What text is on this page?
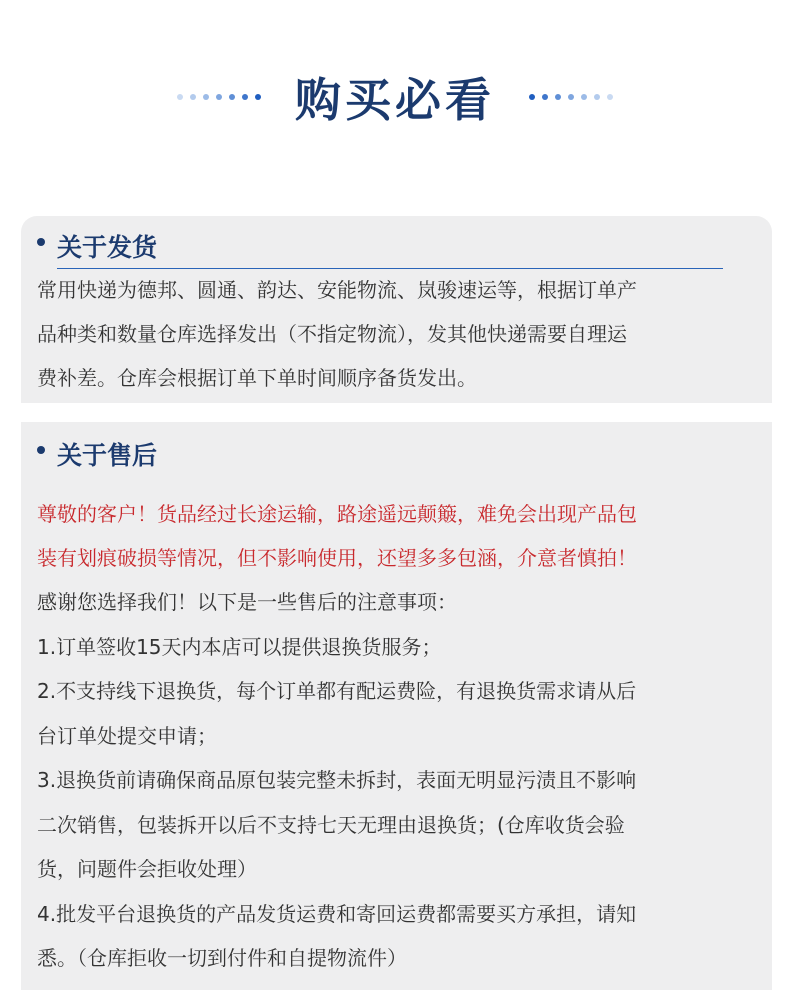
购买必看
关于发货
常用快递为德邦、圆通、韵达、安能物流、岚骏速运等，根据订单产
品种类和数量仓库选择发出（不指定物流），发其他快递需要自理运
费补差。仓库会根据订单下单时间顺序备货发出。
关于售后
尊敬的客户！货品经过长途运输，路途遥远颠簸，难免会出现产品包
装有划痕破损等情况，但不影响使用，还望多多包涵，介意者慎拍！
感谢您选择我们！以下是一些售后的注意事项：
1.订单签收15天内本店可以提供退换货服务；
2.不支持线下退换货，每个订单都有配运费险，有退换货需求请从后
台订单处提交申请；
3.退换货前请确保商品原包装完整未拆封，表面无明显污渍且不影响
二次销售，包装拆开以后不支持七天无理由退换货；(仓库收货会验
货，问题件会拒收处理）
4.批发平台退换货的产品发货运费和寄回运费都需要买方承担，请知
悉。（仓库拒收一切到付件和自提物流件）
